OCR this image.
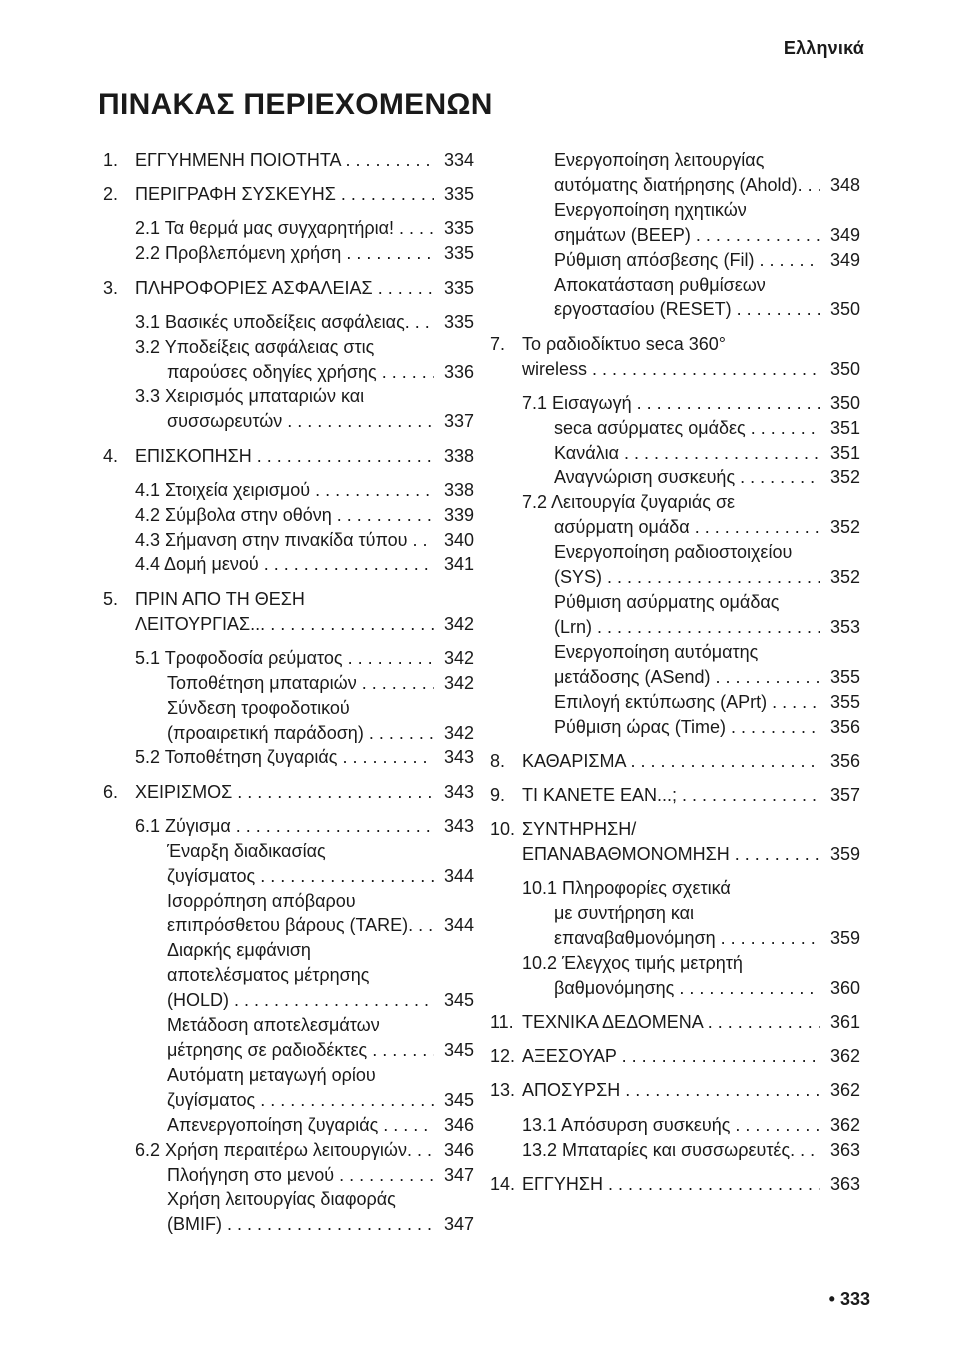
Ελληνικά
ΠΙΝΑΚΑΣ ΠΕΡΙΕΧΟΜΕΝΩΝ
1. ΕΓΓΥΗΜΕΝΗ ΠΟΙΟΤΗΤΑ . . .	334
2. ΠΕΡΙΓΡΑΦΗ ΣΥΣΚΕΥΗΣ . . .	335
2.1 Τα θερμά μας συγχαρητήρια! . . .	335
2.2 Προβλεπόμενη χρήση . . .	335
3. ΠΛΗΡΟΦΟΡΙΕΣ ΑΣΦΑΛΕΙΑΣ . . .	335
3.1 Βασικές υποδείξεις ασφάλειας. . . .	335
3.2 Υποδείξεις ασφάλειας στις
παρούσες οδηγίες χρήσης . . .	336
3.3 Χειρισμός μπαταριών και
συσσωρευτών . . .	337
4. ΕΠΙΣΚΟΠΗΣΗ . . .	338
4.1 Στοιχεία χειρισμού . . .	338
4.2 Σύμβολα στην οθόνη . . .	339
4.3 Σήμανση στην πινακίδα τύπου . . .	340
4.4 Δομή μενού . . .	341
5. ΠΡΙΝ ΑΠΟ ΤΗ ΘΕΣΗ
ΛΕΙΤΟΥΡΓΙΑΣ... . . .	342
5.1 Τροφοδοσία ρεύματος . . .	342
Τοποθέτηση μπαταριών . . .	342
Σύνδεση τροφοδοτικού
(προαιρετική παράδοση) . . .	342
5.2 Τοποθέτηση ζυγαριάς . . .	343
6. ΧΕΙΡΙΣΜΟΣ . . .	343
6.1 Ζύγισμα . . .	343
Έναρξη διαδικασίας
ζυγίσματος . . .	344
Ισορρόπηση απόβαρου
επιπρόσθετου βάρους (TARE). . . .	344
Διαρκής εμφάνιση
αποτελέσματος μέτρησης
(HOLD) . . .	345
Μετάδοση αποτελεσμάτων
μέτρησης σε ραδιοδέκτες . . .	345
Αυτόματη μεταγωγή ορίου
ζυγίσματος . . .	345
Απενεργοποίηση ζυγαριάς . . .	346
6.2 Χρήση περαιτέρω λειτουργιών. . . .	346
Πλοήγηση στο μενού . . .	347
Χρήση λειτουργίας διαφοράς
(BMIF) . . .	347
Ενεργοποίηση λειτουργίας
αυτόματης διατήρησης (Ahold). . . .	348
Ενεργοποίηση ηχητικών
σημάτων (BEEP) . . .	349
Ρύθμιση απόσβεσης (Fil) . . .	349
Αποκατάσταση ρυθμίσεων
εργοστασίου (RESET) . . .	350
7. Το ραδιοδίκτυο seca 360°
wireless . . .	350
7.1 Εισαγωγή . . .	350
seca ασύρματες ομάδες . . .	351
Κανάλια . . .	351
Αναγνώριση συσκευής . . .	352
7.2 Λειτουργία ζυγαριάς σε
ασύρματη ομάδα . . .	352
Ενεργοποίηση ραδιοστοιχείου
(SYS) . . .	352
Ρύθμιση ασύρματης ομάδας
(Lrn) . . .	353
Ενεργοποίηση αυτόματης
μετάδοσης (ASend) . . .	355
Επιλογή εκτύπωσης (APrt) . . .	355
Ρύθμιση ώρας (Time) . . .	356
8. ΚΑΘΑΡΙΣΜΑ . . .	356
9. ΤΙ ΚΑΝΕΤΕ ΕΑΝ...; . . .	357
10. ΣΥΝΤΗΡΗΣΗ/
ΕΠΑΝΑΒΑΘΜΟΝΟΜΗΣΗ . . .	359
10.1 Πληροφορίες σχετικά
με συντήρηση και
επαναβαθμονόμηση . . .	359
10.2 Έλεγχος τιμής μετρητή
βαθμονόμησης . . .	360
11. ΤΕΧΝΙΚΑ ΔΕΔΟΜΕΝΑ . . .	361
12. ΑΞΕΣΟΥΑΡ . . .	362
13. ΑΠΟΣΥΡΣΗ . . .	362
13.1 Απόσυρση συσκευής . . .	362
13.2 Μπαταρίες και συσσωρευτές. . . .	363
14. ΕΓΓΥΗΣΗ . . .	363
• 333
